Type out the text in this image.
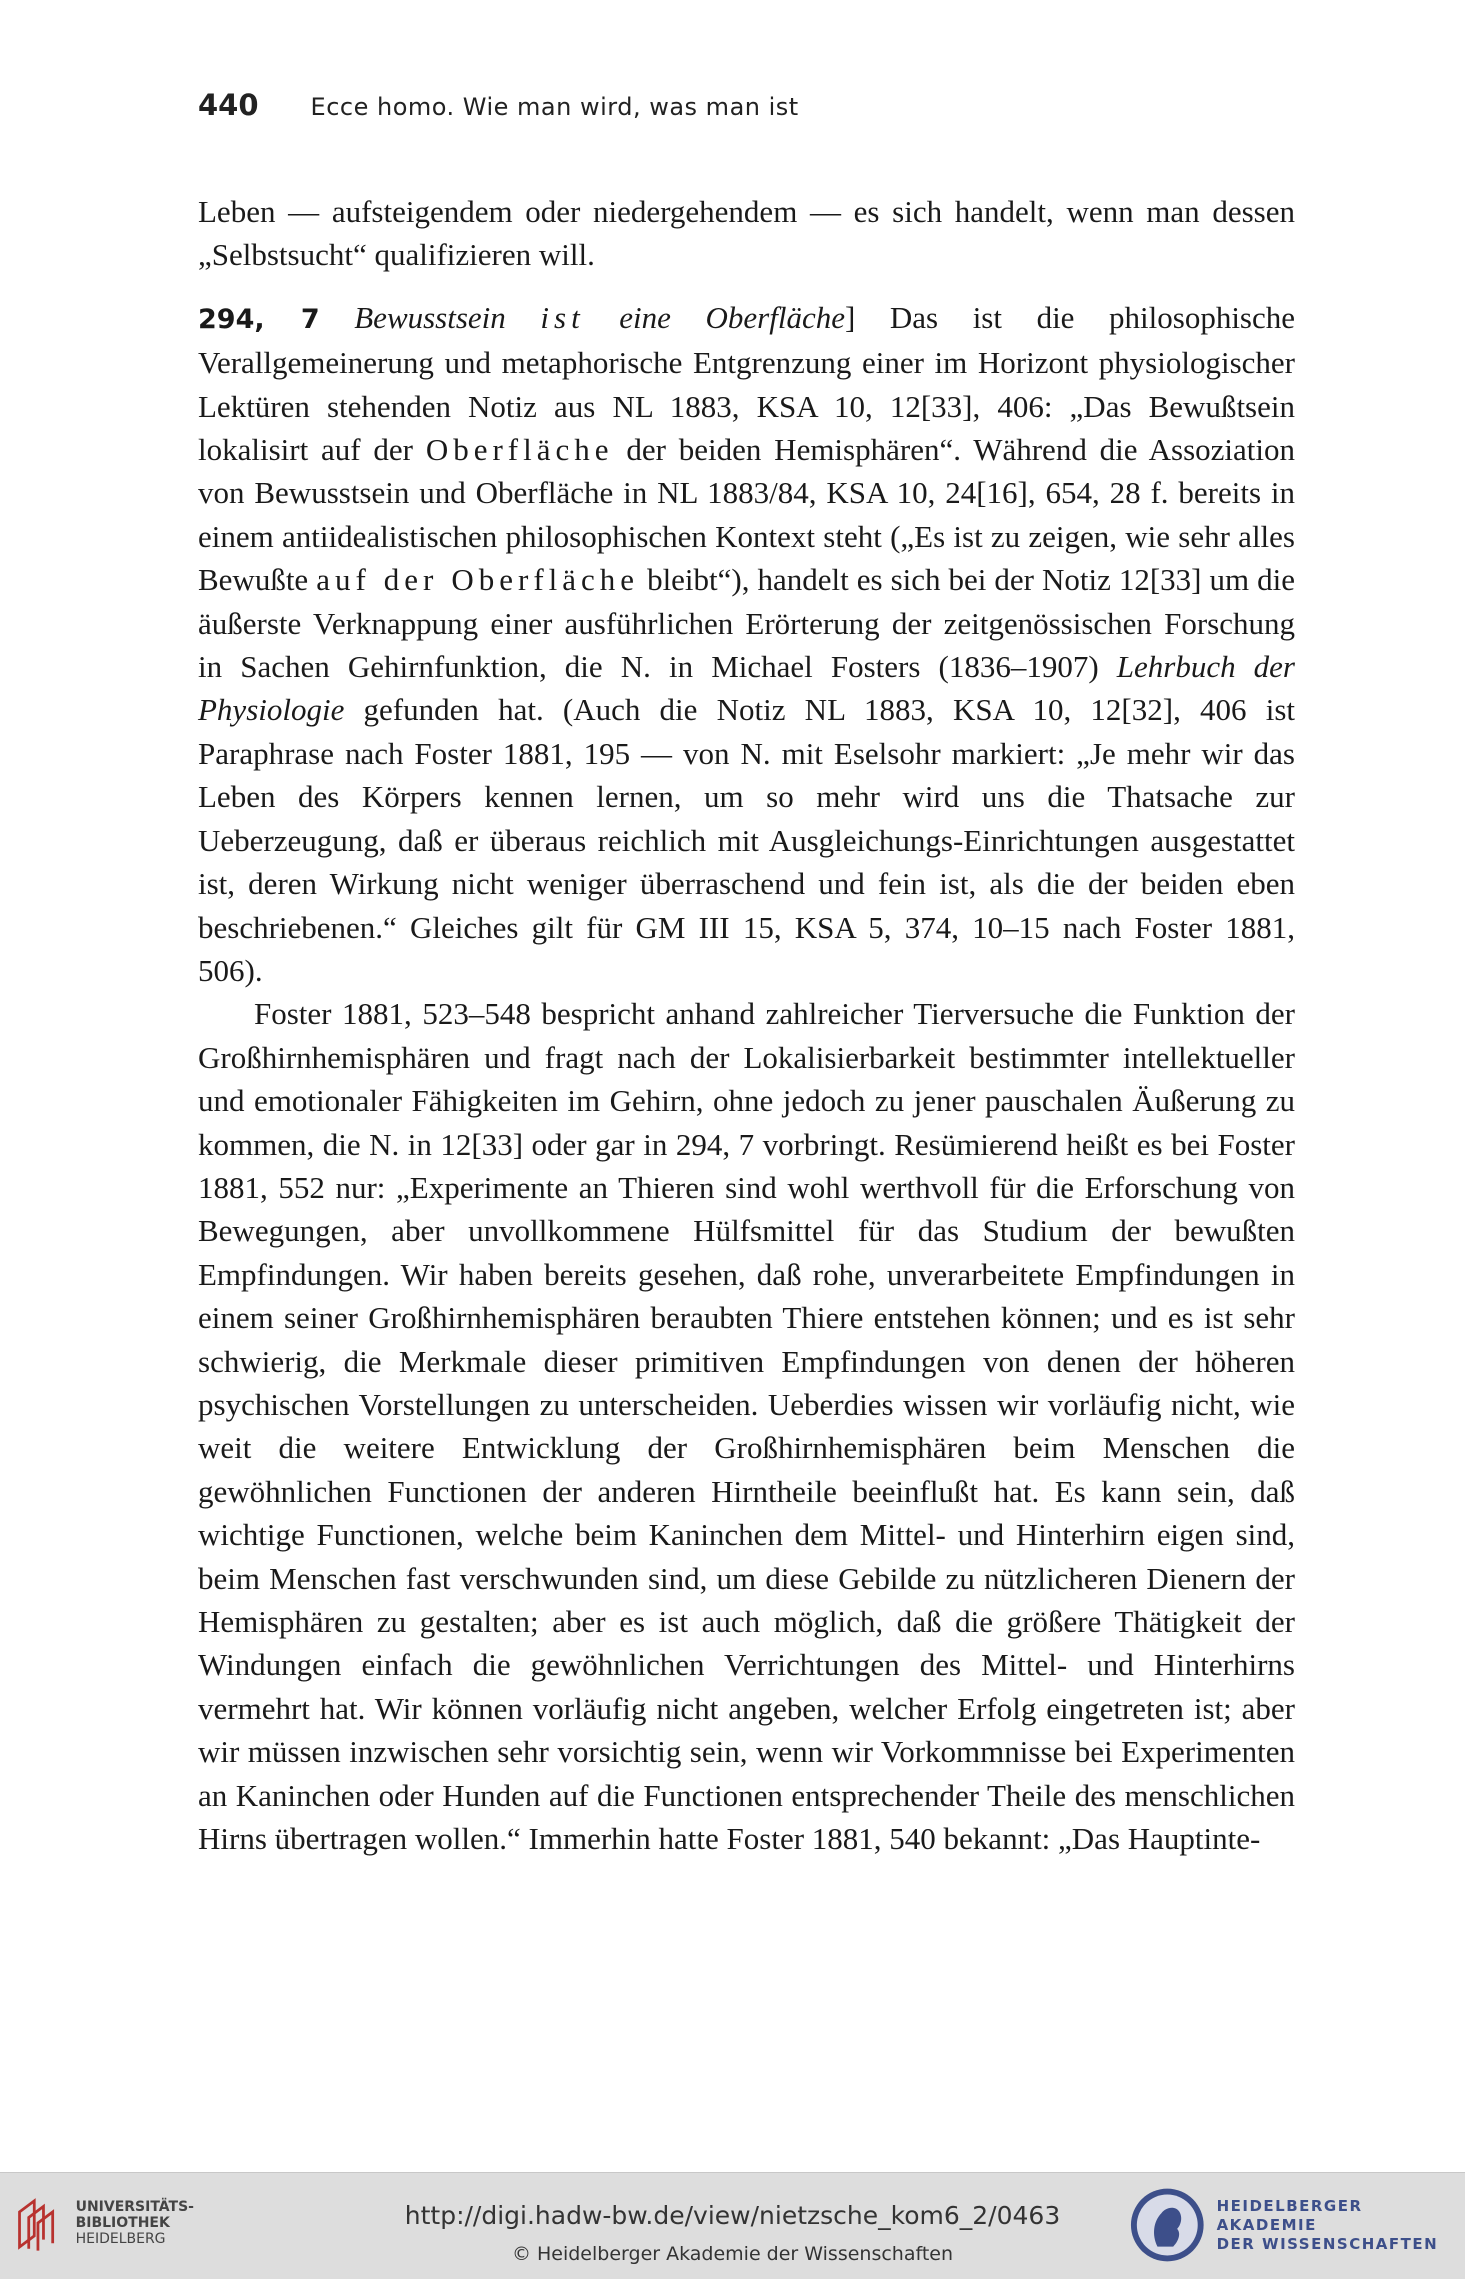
440 Ecce homo. Wie man wird, was man ist

Leben — aufsteigendem oder niedergehendem — es sich handelt, wenn man dessen „Selbstsucht“ qualifizieren will.

294, 7 Bewusstsein ist eine Oberfläche] Das ist die philosophische Verallgemeinerung und metaphorische Entgrenzung einer im Horizont physiologischer Lektüren stehenden Notiz aus NL 1883, KSA 10, 12[33], 406: „Das Bewußtsein lokalisirt auf der Oberfläche der beiden Hemisphären“. Während die Assoziation von Bewusstsein und Oberfläche in NL 1883/84, KSA 10, 24[16], 654, 28 f. bereits in einem antiidealistischen philosophischen Kontext steht („Es ist zu zeigen, wie sehr alles Bewußte auf der Oberfläche bleibt“), handelt es sich bei der Notiz 12[33] um die äußerste Verknappung einer ausführlichen Erörterung der zeitgenössischen Forschung in Sachen Gehirnfunktion, die N. in Michael Fosters (1836–1907) Lehrbuch der Physiologie gefunden hat. (Auch die Notiz NL 1883, KSA 10, 12[32], 406 ist Paraphrase nach Foster 1881, 195 — von N. mit Eselsohr markiert: „Je mehr wir das Leben des Körpers kennen lernen, um so mehr wird uns die Thatsache zur Ueberzeugung, daß er überaus reichlich mit Ausgleichungs-Einrichtungen ausgestattet ist, deren Wirkung nicht weniger überraschend und fein ist, als die der beiden eben beschriebenen.“ Gleiches gilt für GM III 15, KSA 5, 374, 10–15 nach Foster 1881, 506).

Foster 1881, 523–548 bespricht anhand zahlreicher Tierversuche die Funktion der Großhirnhemisphären und fragt nach der Lokalisierbarkeit bestimmter intellektueller und emotionaler Fähigkeiten im Gehirn, ohne jedoch zu jener pauschalen Äußerung zu kommen, die N. in 12[33] oder gar in 294, 7 vorbringt. Resümierend heißt es bei Foster 1881, 552 nur: „Experimente an Thieren sind wohl werthvoll für die Erforschung von Bewegungen, aber unvollkommene Hülfsmittel für das Studium der bewußten Empfindungen. Wir haben bereits gesehen, daß rohe, unverarbeitete Empfindungen in einem seiner Großhirnhemisphären beraubten Thiere entstehen können; und es ist sehr schwierig, die Merkmale dieser primitiven Empfindungen von denen der höheren psychischen Vorstellungen zu unterscheiden. Ueberdies wissen wir vorläufig nicht, wie weit die weitere Entwicklung der Großhirnhemisphären beim Menschen die gewöhnlichen Functionen der anderen Hirntheile beeinflußt hat. Es kann sein, daß wichtige Functionen, welche beim Kaninchen dem Mittel- und Hinterhirn eigen sind, beim Menschen fast verschwunden sind, um diese Gebilde zu nützlicheren Dienern der Hemisphären zu gestalten; aber es ist auch möglich, daß die größere Thätigkeit der Windungen einfach die gewöhnlichen Verrichtungen des Mittel- und Hinterhirns vermehrt hat. Wir können vorläufig nicht angeben, welcher Erfolg eingetreten ist; aber wir müssen inzwischen sehr vorsichtig sein, wenn wir Vorkommnisse bei Experimenten an Kaninchen oder Hunden auf die Functionen entsprechender Theile des menschlichen Hirns übertragen wollen.“ Immerhin hatte Foster 1881, 540 bekannt: „Das Hauptinte-

UNIVERSITÄTS-
BIBLIOTHEK
HEIDELBERG
http://digi.hadw-bw.de/view/nietzsche_kom6_2/0463
© Heidelberger Akademie der Wissenschaften
HEIDELBERGER AKADEMIE
DER WISSENSCHAFTEN
